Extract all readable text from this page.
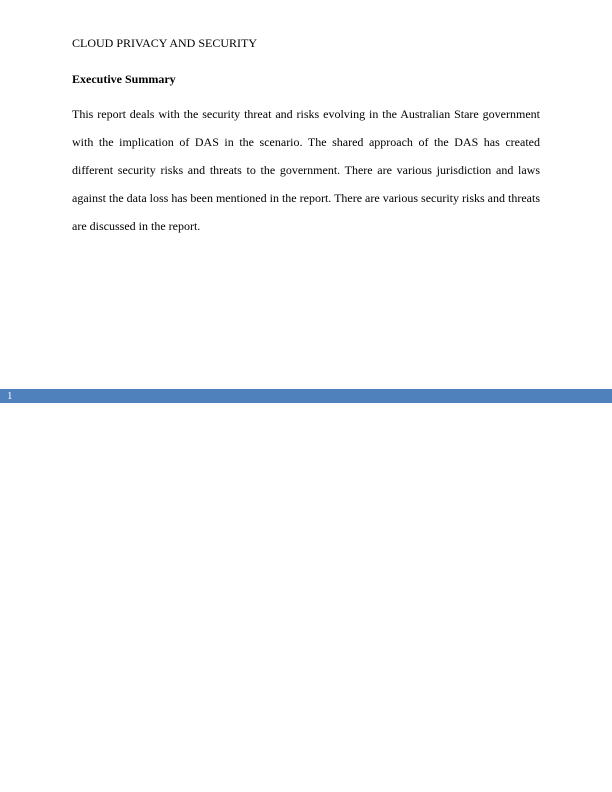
CLOUD PRIVACY AND SECURITY
Executive Summary

This report deals with the security threat and risks evolving in the Australian Stare government with the implication of DAS in the scenario. The shared approach of the DAS has created different security risks and threats to the government. There are various jurisdiction and laws against the data loss has been mentioned in the report. There are various security risks and threats are discussed in the report.

1
